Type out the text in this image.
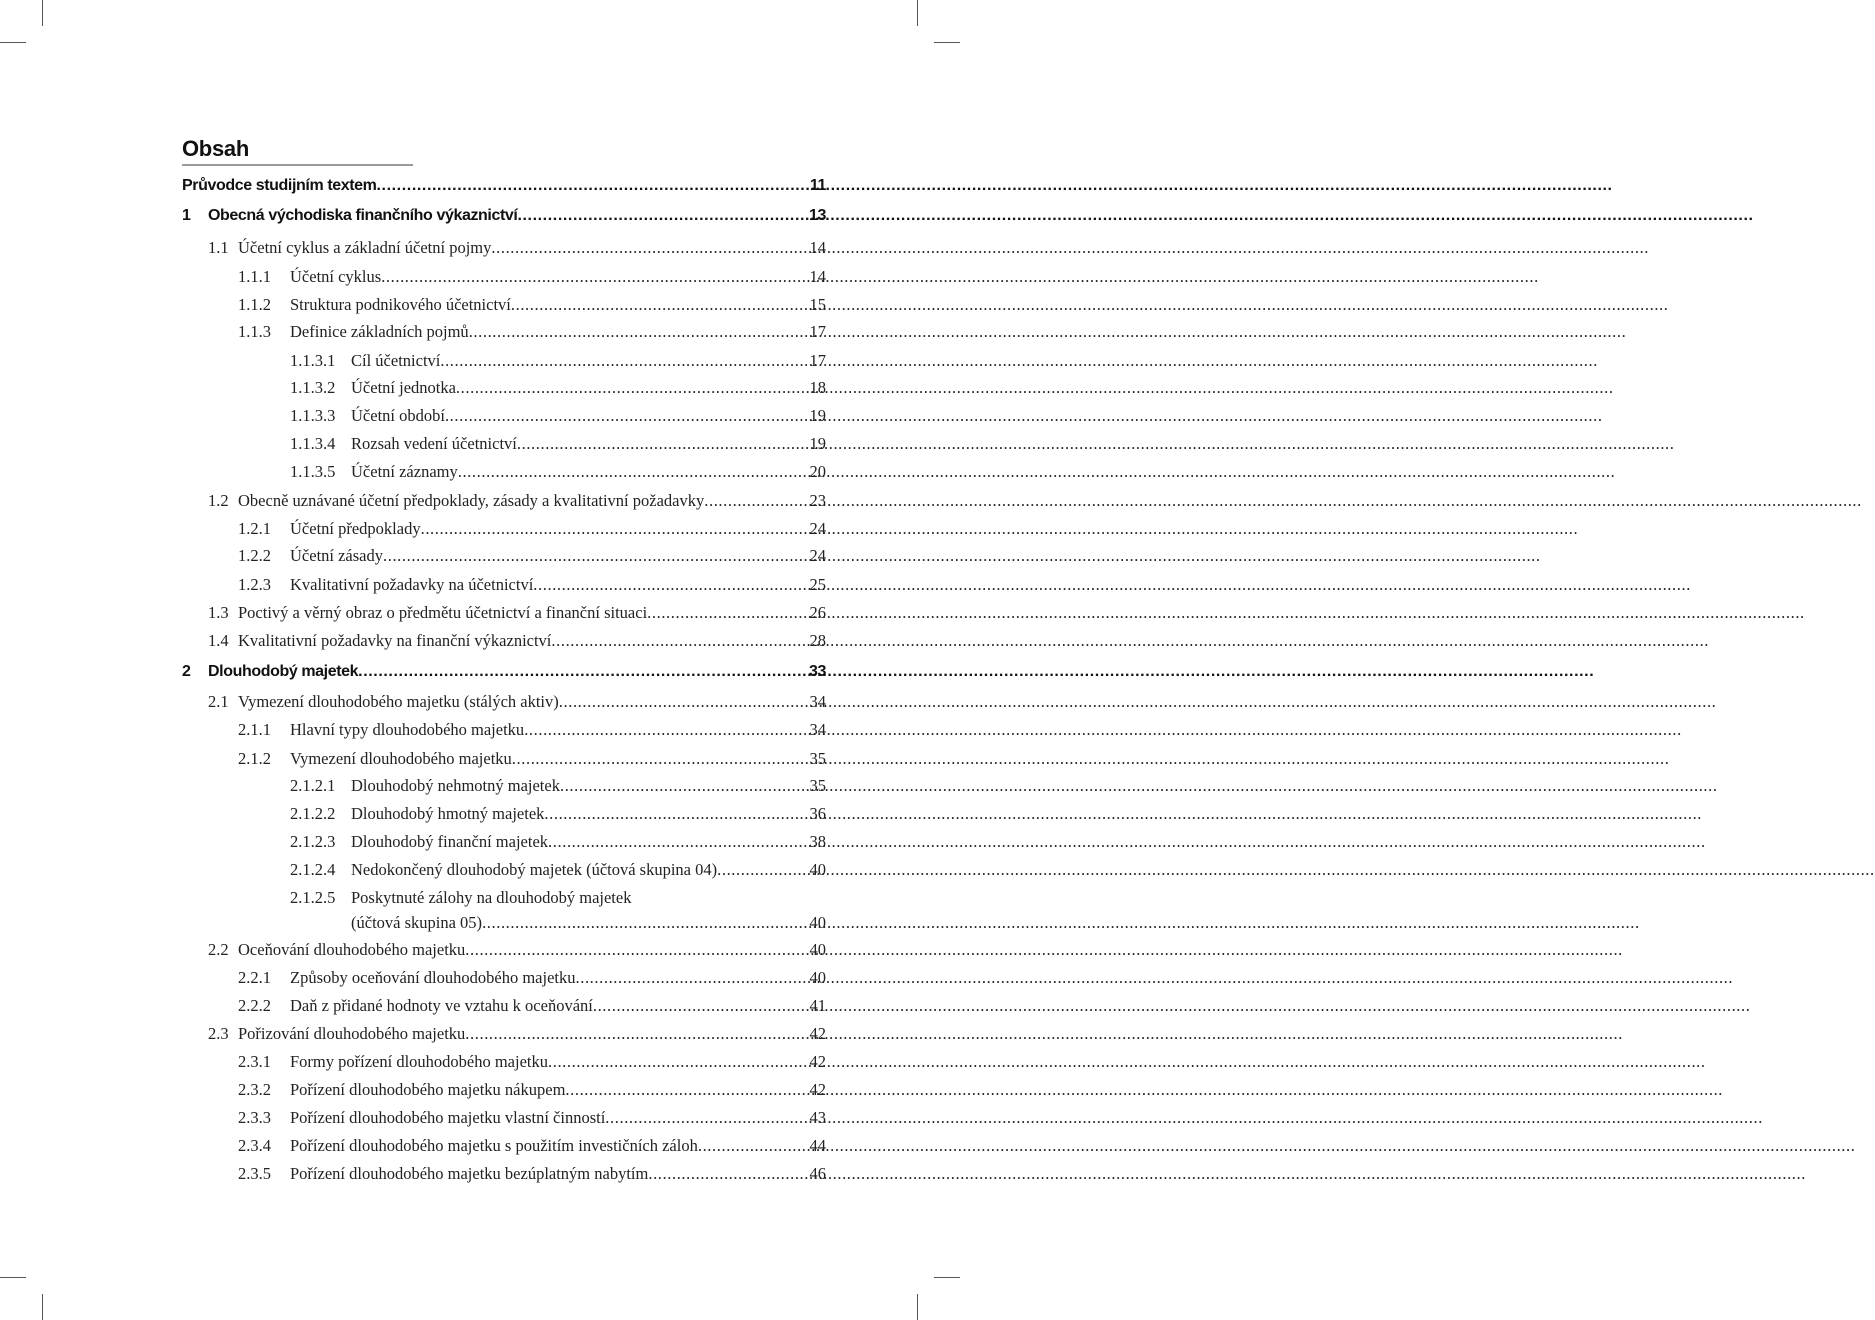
Obsah
Průvodce studijním textem .....	11
1	Obecná východiska finančního výkaznictví .....	13
1.1 Účetní cyklus a základní účetní pojmy .....	14
1.1.1	Účetní cyklus .....	14
1.1.2	Struktura podnikového účetnictví .....	15
1.1.3	Definice základních pojmů .....	17
1.1.3.1 Cíl účetnictví .....	17
1.1.3.2 Účetní jednotka .....	18
1.1.3.3 Účetní období .....	19
1.1.3.4 Rozsah vedení účetnictví .....	19
1.1.3.5 Účetní záznamy .....	20
1.2 Obecně uznávané účetní předpoklady, zásady a kvalitativní požadavky .....	23
1.2.1	Účetní předpoklady .....	24
1.2.2	Účetní zásady .....	24
1.2.3	Kvalitativní požadavky na účetnictví .....	25
1.3 Poctivý a věrný obraz o předmětu účetnictví a finanční situaci .....	26
1.4 Kvalitativní požadavky na finanční výkaznictví .....	28
2	Dlouhodobý majetek .....	33
2.1 Vymezení dlouhodobého majetku (stálých aktiv) .....	34
2.1.1	Hlavní typy dlouhodobého majetku .....	34
2.1.2	Vymezení dlouhodobého majetku .....	35
2.1.2.1 Dlouhodobý nehmotný majetek .....	35
2.1.2.2 Dlouhodobý hmotný majetek .....	36
2.1.2.3 Dlouhodobý finanční majetek .....	38
2.1.2.4 Nedokončený dlouhodobý majetek (účtová skupina 04) .....	40
2.1.2.5 Poskytnuté zálohy na dlouhodobý majetek
(účtová skupina 05) .....	40
2.2 Oceňování dlouhodobého majetku .....	40
2.2.1	Způsoby oceňování dlouhodobého majetku .....	40
2.2.2	Daň z přidané hodnoty ve vztahu k oceňování .....	41
2.3 Pořizování dlouhodobého majetku .....	42
2.3.1	Formy pořízení dlouhodobého majetku .....	42
2.3.2	Pořízení dlouhodobého majetku nákupem .....	42
2.3.3	Pořízení dlouhodobého majetku vlastní činností .....	43
2.3.4	Pořízení dlouhodobého majetku s použitím investičních záloh .....	44
2.3.5	Pořízení dlouhodobého majetku bezúplatným nabytím .....	46
